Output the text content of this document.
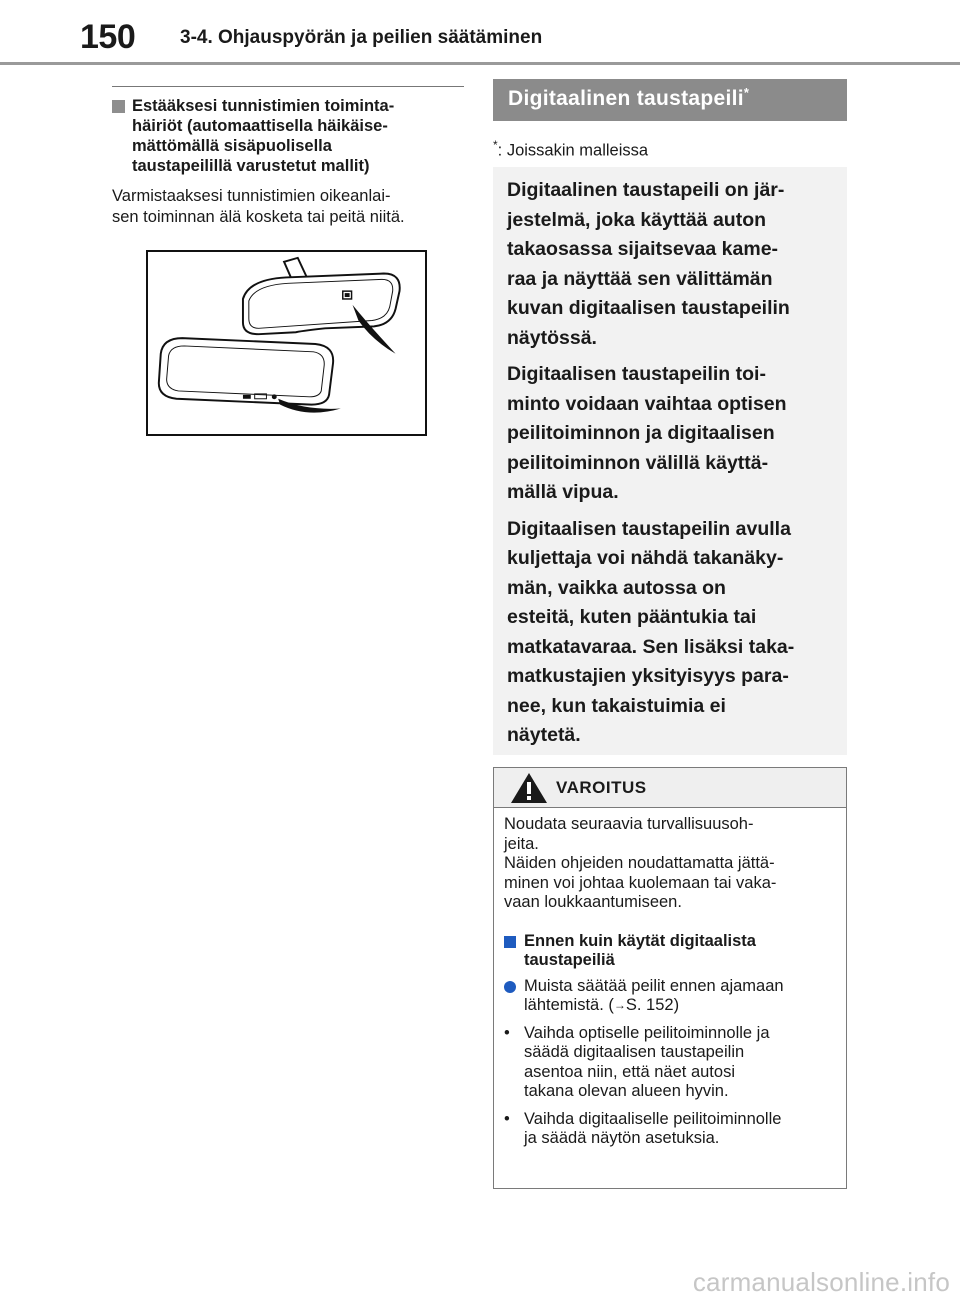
150 3-4. Ohjauspyörän ja peilien säätäminen
Estääksesi tunnistimien toiminta-
häiriöt (automaattisella häikäise-
mättömällä sisäpuolisella
taustapeilillä varustetut mallit)
Varmistaaksesi tunnistimien oikeanlai-
sen toiminnan älä kosketa tai peitä niitä.
Digitaalinen taustapeili*
*: Joissakin malleissa

Digitaalinen taustapeili on jär-
jestelmä, joka käyttää auton
takaosassa sijaitsevaa kame-
raa ja näyttää sen välittämän
kuvan digitaalisen taustapeilin
näytössä.

Digitaalisen taustapeilin toi-
minto voidaan vaihtaa optisen
peilitoiminnon ja digitaalisen
peilitoiminnon välillä käyttä-
mällä vipua.

Digitaalisen taustapeilin avulla
kuljettaja voi nähdä takanäky-
män, vaikka autossa on
esteitä, kuten pääntukia tai
matkatavaraa. Sen lisäksi taka-
matkustajien yksityisyys para-
nee, kun takaistuimia ei
näytetä.

VAROITUS

Noudata seuraavia turvallisuusoh-
jeita.
Näiden ohjeiden noudattamatta jättä-
minen voi johtaa kuolemaan tai vaka-
vaan loukkaantumiseen.

Ennen kuin käytät digitaalista
taustapeiliä
Muista säätää peilit ennen ajamaan
lähtemistä. (→S. 152)
• Vaihda optiselle peilitoiminnolle ja
säädä digitaalisen taustapeilin
asentoa niin, että näet autosi
takana olevan alueen hyvin.
• Vaihda digitaaliselle peilitoiminnolle
ja säädä näytön asetuksia.
carmanualsonline.info
